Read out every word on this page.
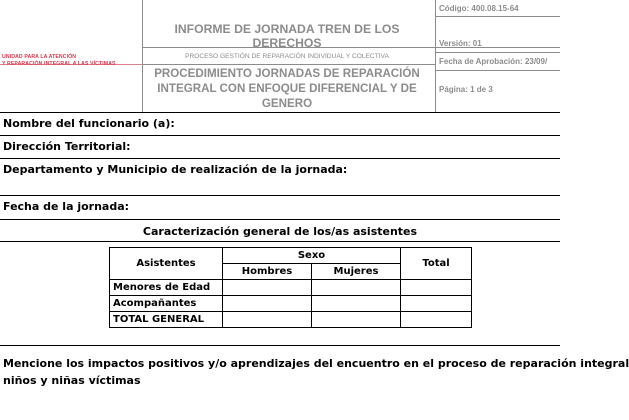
UNIDAD PARA LA ATENCIÓN
Y REPARACIÓN INTEGRAL A LAS VÍCTIMAS
INFORME DE JORNADA TREN DE LOS DERECHOS
PROCESO GESTIÓN DE REPARACIÓN INDIVIDUAL Y COLECTIVA
PROCEDIMIENTO JORNADAS DE REPARACIÓN
INTEGRAL CON ENFOQUE DIFERENCIAL Y DE
GENERO
Código: 400.08.15-64
Versión: 01
Fecha de Aprobación: 23/09/
Página: 1 de 3
Nombre del funcionario (a):
Dirección Territorial:
Departamento y Municipio de realización de la jornada:
Fecha de la jornada:
Caracterización general de los/as asistentes
Asistentes	Sexo		Total
	Hombres	Mujeres	
Menores de Edad			
Acompañantes			
TOTAL GENERAL			
Mencione los impactos positivos y/o aprendizajes del encuentro en el proceso de reparación integral
niños y niñas víctimas
